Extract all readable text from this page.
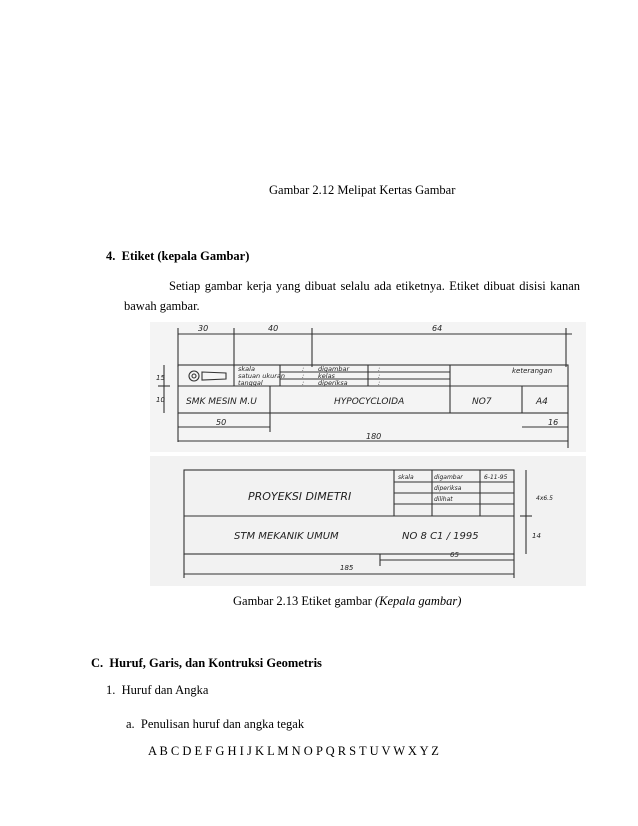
Gambar 2.12 Melipat Kertas Gambar
4.  Etiket (kepala Gambar)
Setiap gambar kerja yang dibuat selalu ada etiketnya. Etiket dibuat disisi kanan
bawah gambar.
30	40	64
15
10
skala
satuan ukuran
tanggal
:
:
:
digambar
kelas
diperiksa
:
:
:
keterangan
SMK MESIN M.U	HYPOCYCLOIDA	NO7	A4
50	16
180
PROYEKSI DIMETRI
skala	digambar	6-11-95
diperiksa
dilihat
STM MEKANIK UMUM	NO 8 C1 / 1995
4x6.5
14
65
185
Gambar 2.13 Etiket gambar (Kepala gambar)
C.  Huruf, Garis, dan Kontruksi Geometris
1.  Huruf dan Angka
a.  Penulisan huruf dan angka tegak
A B C D E F G H I J K L M N O P Q R S T U V W X Y Z
